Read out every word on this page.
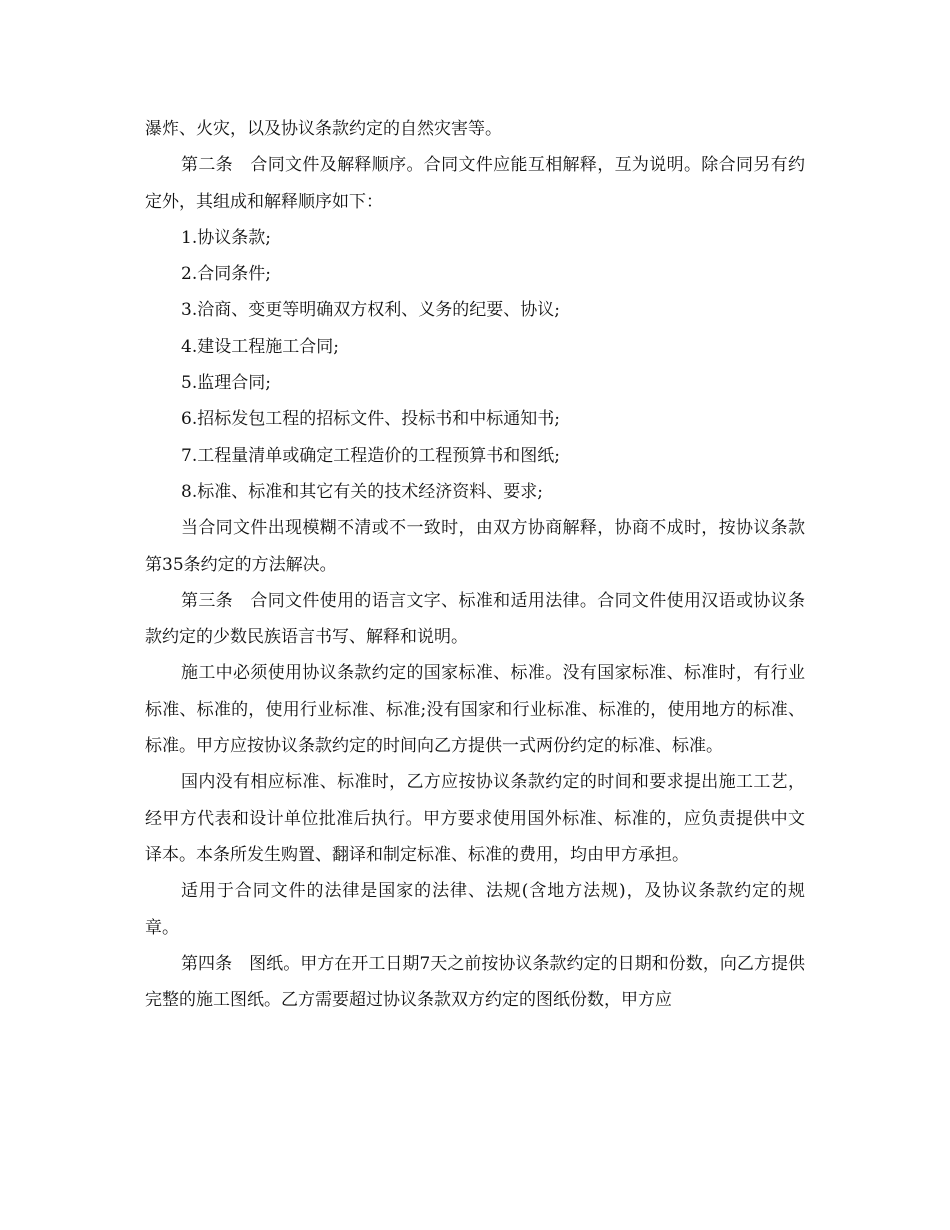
瀑炸、火灾，以及协议条款约定的自然灾害等。

第二条　合同文件及解释顺序。合同文件应能互相解释，互为说明。除合同另有约定外，其组成和解释顺序如下：

1.协议条款;

2.合同条件;

3.洽商、变更等明确双方权利、义务的纪要、协议;

4.建设工程施工合同;

5.监理合同;

6.招标发包工程的招标文件、投标书和中标通知书;

7.工程量清单或确定工程造价的工程预算书和图纸;

8.标准、标准和其它有关的技术经济资料、要求;

当合同文件出现模糊不清或不一致时，由双方协商解释，协商不成时，按协议条款第35条约定的方法解决。

第三条　合同文件使用的语言文字、标准和适用法律。合同文件使用汉语或协议条款约定的少数民族语言书写、解释和说明。

施工中必须使用协议条款约定的国家标准、标准。没有国家标准、标准时，有行业标准、标准的，使用行业标准、标准;没有国家和行业标准、标准的，使用地方的标准、标准。甲方应按协议条款约定的时间向乙方提供一式两份约定的标准、标准。

国内没有相应标准、标准时，乙方应按协议条款约定的时间和要求提出施工工艺，经甲方代表和设计单位批准后执行。甲方要求使用国外标准、标准的，应负责提供中文译本。本条所发生购置、翻译和制定标准、标准的费用，均由甲方承担。

适用于合同文件的法律是国家的法律、法规(含地方法规)，及协议条款约定的规章。

第四条　图纸。甲方在开工日期7天之前按协议条款约定的日期和份数，向乙方提供完整的施工图纸。乙方需要超过协议条款双方约定的图纸份数，甲方应
